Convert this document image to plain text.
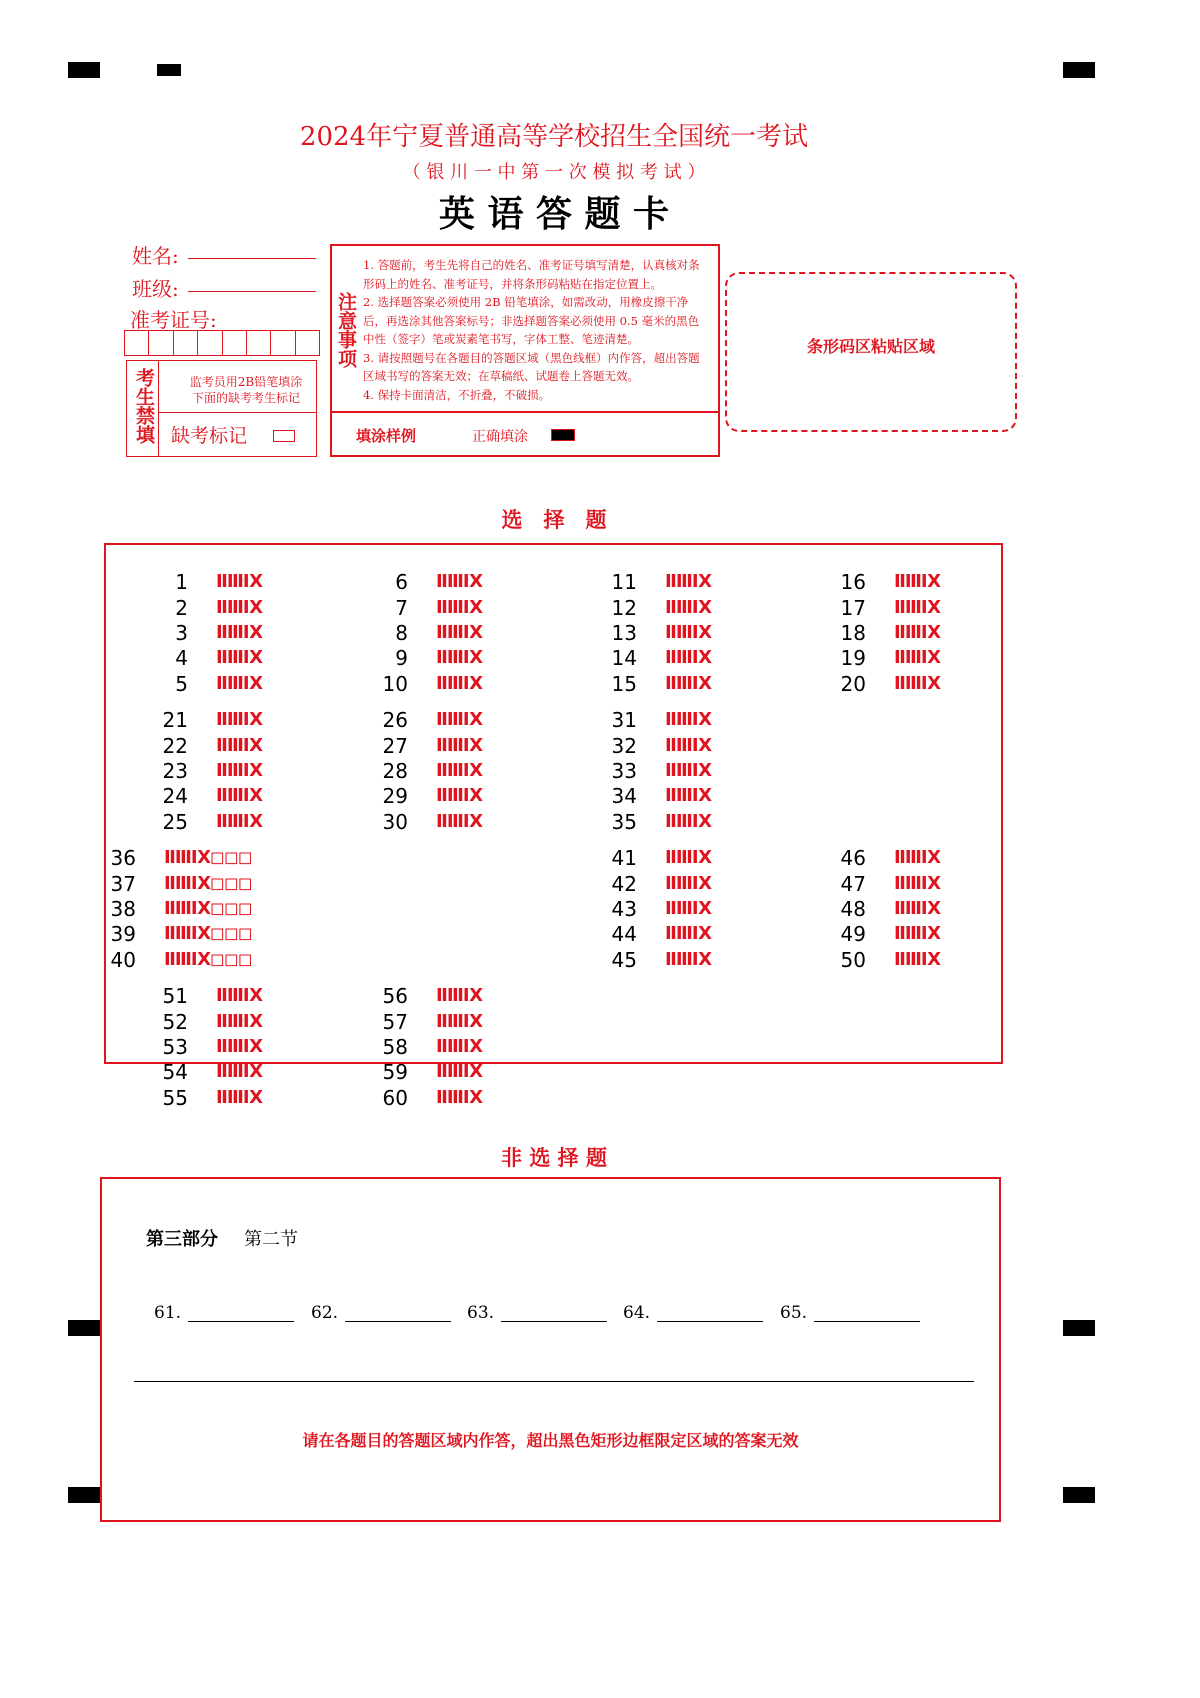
2024年宁夏普通高等学校招生全国统一考试
（ 银 川 一 中 第 一 次 模 拟 考 试 ）
英 语 答 题 卡
姓名:
班级:
准考证号:
考生禁填	监考员用2B铅笔填涂下面的缺考考生标记
缺考标记
注意事项

1. 答题前，考生先将自己的姓名、准考证号填写清楚，认真核对条形码上的姓名、准考证号，并将条形码粘贴在指定位置上。

2. 选择题答案必须使用 2B 铅笔填涂，如需改动，用橡皮擦干净后，再选涂其他答案标号；非选择题答案必须使用 0.5 毫米的黑色中性（签字）笔或炭素笔书写，字体工整、笔迹清楚。

3. 请按照题号在各题目的答题区域（黑色线框）内作答，超出答题区域书写的答案无效；在草稿纸、试题卷上答题无效。

4. 保持卡面清洁，不折叠，不破损。

填涂样例	正确填涂
条形码区粘贴区域
选　择　题
1 ⅡⅢⅨ
2 ⅡⅢⅨ
3 ⅡⅢⅨ
4 ⅡⅢⅨ
5 ⅡⅢⅨ
6 ⅡⅢⅨ
7 ⅡⅢⅨ
8 ⅡⅢⅨ
9 ⅡⅢⅨ
10 ⅡⅢⅨ
11 ⅡⅢⅨ
12 ⅡⅢⅨ
13 ⅡⅢⅨ
14 ⅡⅢⅨ
15 ⅡⅢⅨ
16 ⅡⅢⅨ
17 ⅡⅢⅨ
18 ⅡⅢⅨ
19 ⅡⅢⅨ
20 ⅡⅢⅨ
21 ⅡⅢⅨ
22 ⅡⅢⅨ
23 ⅡⅢⅨ
24 ⅡⅢⅨ
25 ⅡⅢⅨ
26 ⅡⅢⅨ
27 ⅡⅢⅨ
28 ⅡⅢⅨ
29 ⅡⅢⅨ
30 ⅡⅢⅨ
31 ⅡⅢⅨ
32 ⅡⅢⅨ
33 ⅡⅢⅨ
34 ⅡⅢⅨ
35 ⅡⅢⅨ
36 ⅡⅢⅨ◻◻◻
37 ⅡⅢⅨ◻◻◻
38 ⅡⅢⅨ◻◻◻
39 ⅡⅢⅨ◻◻◻
40 ⅡⅢⅨ◻◻◻
41 ⅡⅢⅨ
42 ⅡⅢⅨ
43 ⅡⅢⅨ
44 ⅡⅢⅨ
45 ⅡⅢⅨ
46 ⅡⅢⅨ
47 ⅡⅢⅨ
48 ⅡⅢⅨ
49 ⅡⅢⅨ
50 ⅡⅢⅨ
51 ⅡⅢⅨ
52 ⅡⅢⅨ
53 ⅡⅢⅨ
54 ⅡⅢⅨ
55 ⅡⅢⅨ
56 ⅡⅢⅨ
57 ⅡⅢⅨ
58 ⅡⅢⅨ
59 ⅡⅢⅨ
60 ⅡⅢⅨ
非 选 择 题
第三部分 第二节
61.	62.	63.	64.	65.
请在各题目的答题区域内作答，超出黑色矩形边框限定区域的答案无效
